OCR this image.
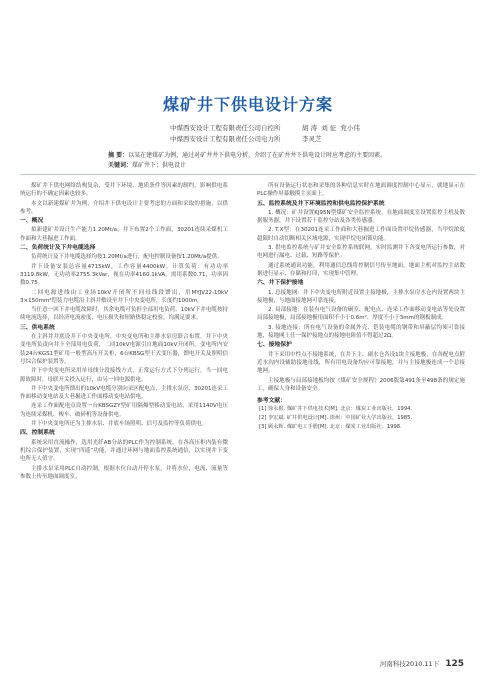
煤矿井下供电设计方案
中煤西安设计工程有限责任公司自控所	胡 涛  刘 征  党小伟
中煤西安设计工程有限责任公司电力所	李灵芝
摘 要：以某在建煤矿为例，通过对矿井井下供电分析，介绍了在矿井井下供电设计时应考虑的主要因素。
关键词：煤矿井下；供电设计

煤矿井下供电网络结构复杂，受井下环境、地质条件等因素的制约，影响供电系统运行的不确定因素也较多。

本文以新建煤矿井为例，介绍井下供电设计主要考虑的方面和采取的措施，以供参考。

一、概况

拟新建矿井设计生产能力1.20Mt/a，井下布置2个工作面，30201连续采煤机工作面和大巷掘进工作面。

二、负荷统计及下井电缆选择

负荷统计及下井电缆选择均按1.20Mt/a进行，配电控制设备按1.20Mt/a提供。

井下设备安装总容量4715kW，工作容量4400kW。计算负荷：有功功率3119.8kW，无功功率2755.3kVar，视在功率4160.1kVA，需用系数0.71，功率因数0.75。

二回电源进线由工业场10kV开闭所不同母线段馈出，用MYJV22-10kV 3×150mm²铠装力电缆沿主斜井敷设至井下中央变电所，长度约1000m。

当任意一回下井电缆故障时，其余电缆可负担全部用电负荷。10kV下井电缆按持续电流选择，以经济电流密度、电压损失和短路热稳定校验，均满足要求。

三、供电系统

在主斜井井底设井下中央变电所，中央变电所和主排水泵房联合布置。井下中央变电所负责向井下全部用电负荷，二回10kV电源引自地面10kV开闭所。变电所内安装24台KGS1型矿用一般型高压开关柜，6台KBSG型干式变压器，馈电开关及照明信号综合保护装置等。

井下中央变电所采用单母线分段接线方式，正常运行方式下分列运行，当一回电源故障时，母联开关投入运行，由另一回电源供电。

井下中央变电所馈出的10kV电缆分别向采区配电点、主排水泵房、30201连采工作面移动变电站及大巷掘进工作面移动变电站供电。

连采工作面配电点设置一台KBSGZY型矿用隔爆型移动变电站，采用1140V电压为连续采煤机、梭车、破碎机等设备供电。

井下中央变电所还为主排水泵、井底车场照明、信号及监控等负荷供电。

四、控制系统

系统采用直流操作，选用光纤AB分站的PLC作为控制系统，在各高压柜内装有微机综合保护装置，实现“四遥”功能，并通过环网与地面监控系统通信，以实现井下变电所无人值守。

主排水泵采用PLC自动控制，根据水位自动开停水泵，并将水位、电流、流量等参数上传至地面调度室。

所有设备运行状态和采集的各种信息实时在地面调度控制中心显示，就地显示在PLC操作屏幕触摸主页面上。

五、监控系统及井下环境监控和供电监控保护系统

1. 概况：矿井设置KJ95N型煤矿安全监控系统，在地面调度室设置监控主机及数据服务器，井下设置若干监控分站及各类传感器。

2. T.X型：在30201连采工作面和大巷掘进工作面设置甲烷传感器，当甲烷浓度超限时自动切断相关区域电源，实现甲烷电闭锁功能。

3. 供电监控系统与矿井安全监控系统联网，实时监测井下各变电所运行参数，对电网进行漏电、过载、短路等保护。

通过系统通讯功能，利用通信总线将控制信号传至地面，地面主机对监控主站数据进行显示、存储和打印，实现集中管理。

六、井下保护接地

1. 总接地网：井下中央变电所附近设置主接地极，主排水泵房水仓内设置两块主接地极，与地面接地网可靠连接。

2. 局部接地：在装有电气设备的硐室、配电点、连采工作面移动变电站等处设置局部接地极，局部接地极用面积不小于0.6m²、厚度不小于3mm的钢板制成。

3. 接地连接：所有电气设备的金属外壳、铠装电缆的钢带和屏蔽层均须可靠接地，接地网上任一保护接地点的接地电阻值不得超过2Ω。

七、接地保护

井下采用中性点不接地系统，在井下主、副水仓各设1块主接地极，在各配电点附近水沟内设辅助接地母线，所有用电设备均应可靠接地，并与主接地极连成一个总接地网。

主接地极与局部接地板均按《煤矿安全规程》2006版第491条至498条的规定施工，确保人身和设备安全。

参考文献：

[1] 徐永根. 煤矿井下供电技术[M]. 北京：煤炭工业出版社，1994.

[2] 李宏斌. 矿井供电设计[M]. 徐州：中国矿业大学出版社，1985.

[3] 顾永辉. 煤矿电工手册[M]. 北京：煤炭工业出版社，1998.

河南科技2010.11下 125
